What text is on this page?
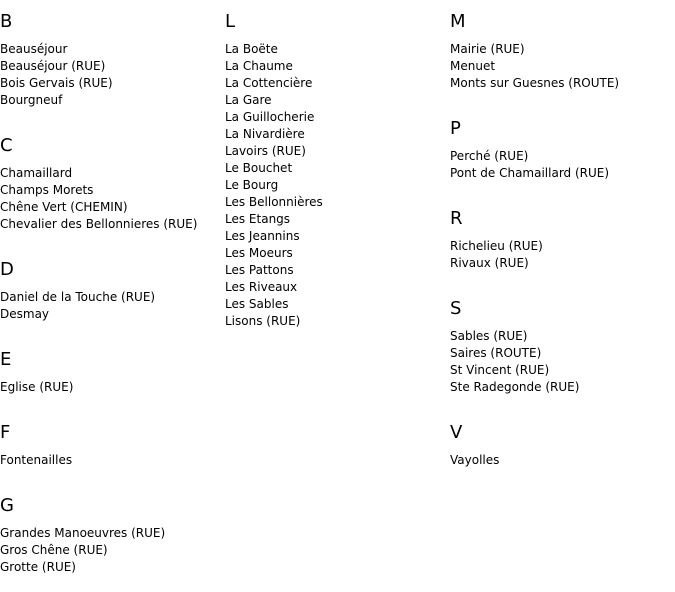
B
Beauséjour
Beauséjour (RUE)
Bois Gervais (RUE)
Bourgneuf
C
Chamaillard
Champs Morets
Chêne Vert (CHEMIN)
Chevalier des Bellonnieres (RUE)
D
Daniel de la Touche (RUE)
Desmay
E
Eglise (RUE)
F
Fontenailles
G
Grandes Manoeuvres (RUE)
Gros Chêne (RUE)
Grotte (RUE)
L
La Boëte
La Chaume
La Cottencière
La Gare
La Guillocherie
La Nivardière
Lavoirs (RUE)
Le Bouchet
Le Bourg
Les Bellonnières
Les Etangs
Les Jeannins
Les Moeurs
Les Pattons
Les Riveaux
Les Sables
Lisons (RUE)
M
Mairie (RUE)
Menuet
Monts sur Guesnes (ROUTE)
P
Perché (RUE)
Pont de Chamaillard (RUE)
R
Richelieu (RUE)
Rivaux (RUE)
S
Sables (RUE)
Saires (ROUTE)
St Vincent (RUE)
Ste Radegonde (RUE)
V
Vayolles
